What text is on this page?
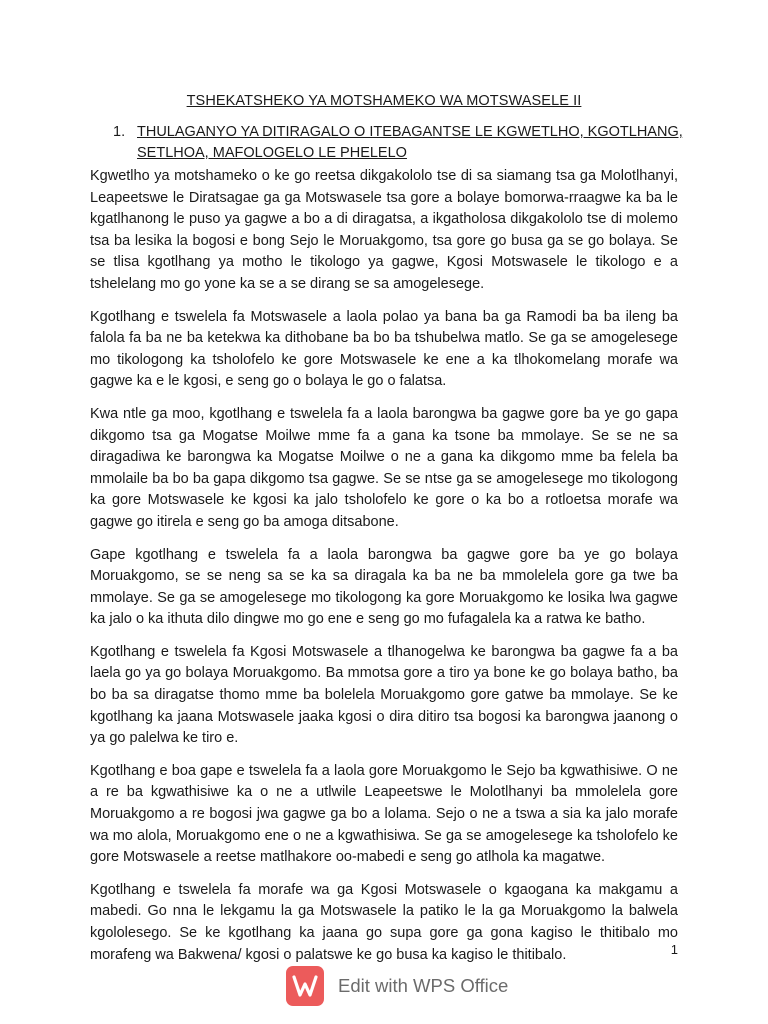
TSHEKATSHEKO YA MOTSHAMEKO WA MOTSWASELE II
1. THULAGANYO YA DITIRAGALO O ITEBAGANTSE LE KGWETLHO, KGOTLHANG, SETLHOA, MAFOLOGELO LE PHELELO

Kgwetlho ya motshameko o ke go reetsa dikgakololo tse di sa siamang tsa ga Molotlhanyi, Leapeetswe le Diratsagae ga ga Motswasele tsa gore a bolaye bomorwa-rraagwe ka ba le kgatlhanong le puso ya gagwe a bo a di diragatsa, a ikgatholosa dikgakololo tse di molemo tsa ba lesika la bogosi e bong Sejo le Moruakgomo, tsa gore go busa ga se go bolaya. Se se tlisa kgotlhang ya motho le tikologo ya gagwe, Kgosi Motswasele le tikologo e a tshelelang mo go yone ka se a se dirang se sa amogelesege.

Kgotlhang e tswelela fa Motswasele a laola polao ya bana ba ga Ramodi ba ba ileng ba falola fa ba ne ba ketekwa ka dithobane ba bo ba tshubelwa matlo. Se ga se amogelesege mo tikologong ka tsholofelo ke gore Motswasele ke ene a ka tlhokomelang morafe wa gagwe ka e le kgosi, e seng go o bolaya le go o falatsa.

Kwa ntle ga moo, kgotlhang e tswelela fa a laola barongwa ba gagwe gore ba ye go gapa dikgomo tsa ga Mogatse Moilwe mme fa a gana ka tsone ba mmolaye. Se se ne sa diragadiwa ke barongwa ka Mogatse Moilwe o ne a gana ka dikgomo mme ba felela ba mmolaile ba bo ba gapa dikgomo tsa gagwe. Se se ntse ga se amogelesege mo tikologong ka gore Motswasele ke kgosi ka jalo tsholofelo ke gore o ka bo a rotloetsa morafe wa gagwe go itirela e seng go ba amoga ditsabone.

Gape kgotlhang e tswelela fa a laola barongwa ba gagwe gore ba ye go bolaya Moruakgomo, se se neng sa se ka sa diragala ka ba ne ba mmolelela gore ga twe ba mmolaye. Se ga se amogelesege mo tikologong ka gore Moruakgomo ke losika lwa gagwe ka jalo o ka ithuta dilo dingwe mo go ene e seng go mo fufagalela ka a ratwa ke batho.

Kgotlhang e tswelela fa Kgosi Motswasele a tlhanogelwa ke barongwa ba gagwe fa a ba laela go ya go bolaya Moruakgomo. Ba mmotsa gore a tiro ya bone ke go bolaya batho, ba bo ba sa diragatse thomo mme ba bolelela Moruakgomo gore gatwe ba mmolaye. Se ke kgotlhang ka jaana Motswasele jaaka kgosi o dira ditiro tsa bogosi ka barongwa jaanong o ya go palelwa ke tiro e.

Kgotlhang e boa gape e tswelela fa a laola gore Moruakgomo le Sejo ba kgwathisiwe. O ne a re ba kgwathisiwe ka o ne a utlwile Leapeetswe le Molotlhanyi ba mmolelela gore Moruakgomo a re bogosi jwa gagwe ga bo a lolama. Sejo o ne a tswa a sia ka jalo morafe wa mo alola, Moruakgomo ene o ne a kgwathisiwa. Se ga se amogelesege ka tsholofelo ke gore Motswasele a reetse matlhakore oo-mabedi e seng go atlhola ka magatwe.

Kgotlhang e tswelela fa morafe wa ga Kgosi Motswasele o kgaogana ka makgamu a mabedi. Go nna le lekgamu la ga Motswasele la patiko le la ga Moruakgomo la balwela kgololesego. Se ke kgotlhang ka jaana go supa gore ga gona kagiso le thitibalo mo morafeng wa Bakwena/ kgosi o palatswe ke go busa ka kagiso le thitibalo.	1
Edit with WPS Office
